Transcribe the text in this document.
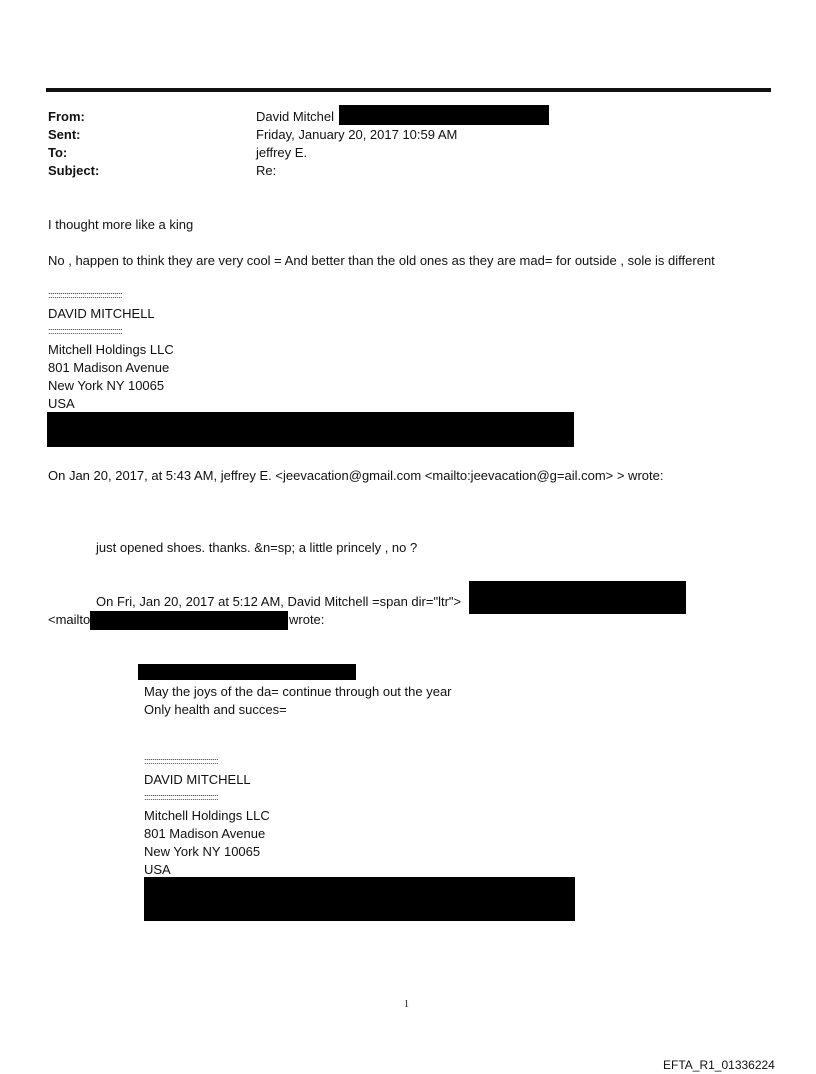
From:	David Mitchel
Sent:	Friday, January 20, 2017 10:59 AM
To:	jeffrey E.
Subject:	Re:
I thought more like a king
No , happen to think they are very cool = And better than the old ones as they are mad= for outside , sole is different
:::::::::::::::::::::::::::::::::::::
DAVID MITCHELL
:::::::::::::::::::::::::::::::::::::
Mitchell Holdings LLC
801 Madison Avenue
New York NY 10065
USA
On Jan 20, 2017, at 5:43 AM, jeffrey E. <jeevacation@gmail.com <mailto:jeevacation@g=ail.com> > wrote:
just opened shoes. thanks. &n=sp; a little princely , no ?
On Fri, Jan 20, 2017 at 5:12 AM, David Mitchell =span dir="ltr">
<mailto	wrote:
May the joys of the da= continue through out the year
Only health and succes=
:::::::::::::::::::::::::::::::::::::
DAVID MITCHELL
:::::::::::::::::::::::::::::::::::::
Mitchell Holdings LLC
801 Madison Avenue
New York NY 10065
USA
1
EFTA_R1_01336224
